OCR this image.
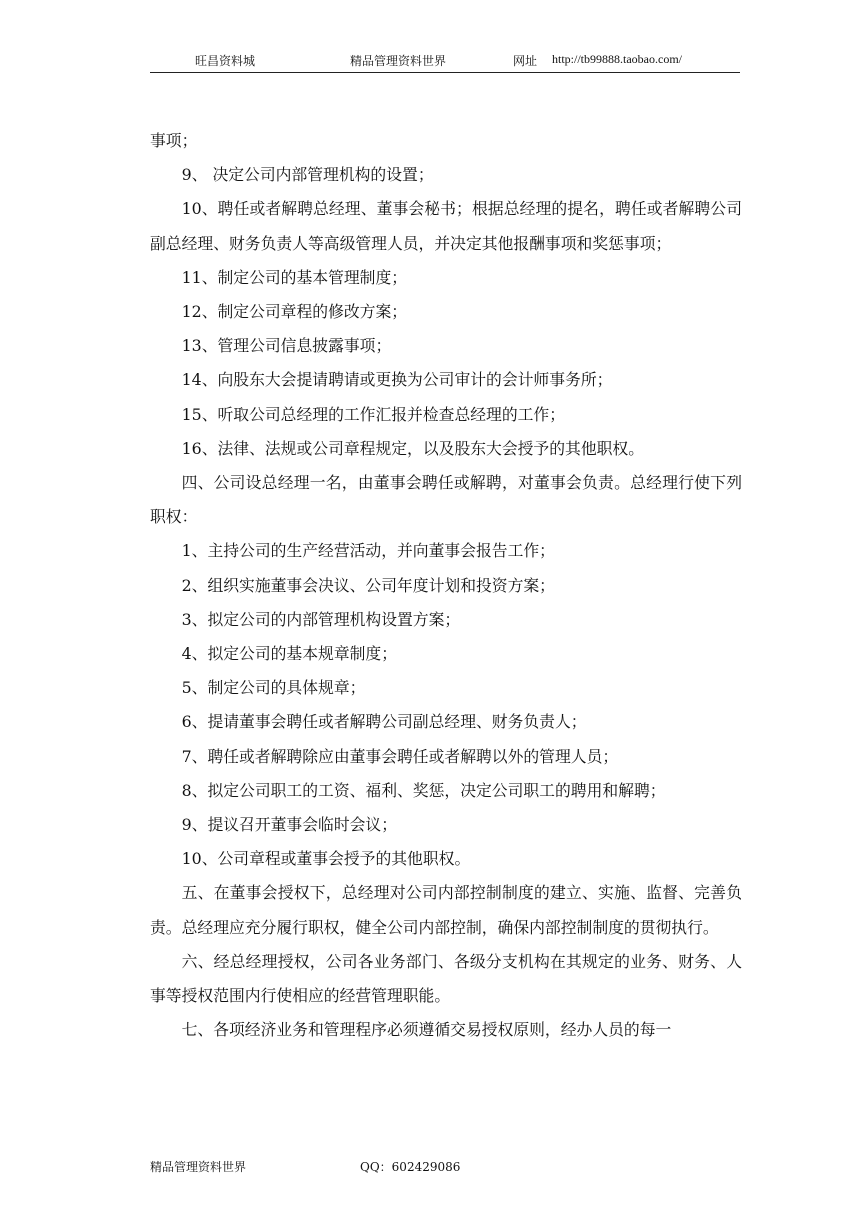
旺昌资料城	精品管理资料世界	网址 http://tb99888.taobao.com/

事项；

9、 决定公司内部管理机构的设置；

10、聘任或者解聘总经理、董事会秘书；根据总经理的提名，聘任或者解聘公司副总经理、财务负责人等高级管理人员，并决定其他报酬事项和奖惩事项；

11、制定公司的基本管理制度；

12、制定公司章程的修改方案；

13、管理公司信息披露事项；

14、向股东大会提请聘请或更换为公司审计的会计师事务所；

15、听取公司总经理的工作汇报并检查总经理的工作；

16、法律、法规或公司章程规定，以及股东大会授予的其他职权。

四、公司设总经理一名，由董事会聘任或解聘，对董事会负责。总经理行使下列职权：

1、主持公司的生产经营活动，并向董事会报告工作；

2、组织实施董事会决议、公司年度计划和投资方案；

3、拟定公司的内部管理机构设置方案；

4、拟定公司的基本规章制度；

5、制定公司的具体规章；

6、提请董事会聘任或者解聘公司副总经理、财务负责人；

7、聘任或者解聘除应由董事会聘任或者解聘以外的管理人员；

8、拟定公司职工的工资、福利、奖惩，决定公司职工的聘用和解聘；

9、提议召开董事会临时会议；

10、公司章程或董事会授予的其他职权。

五、在董事会授权下，总经理对公司内部控制制度的建立、实施、监督、完善负责。总经理应充分履行职权，健全公司内部控制，确保内部控制制度的贯彻执行。

六、经总经理授权，公司各业务部门、各级分支机构在其规定的业务、财务、人事等授权范围内行使相应的经营管理职能。

七、各项经济业务和管理程序必须遵循交易授权原则，经办人员的每一

精品管理资料世界	QQ：602429086
